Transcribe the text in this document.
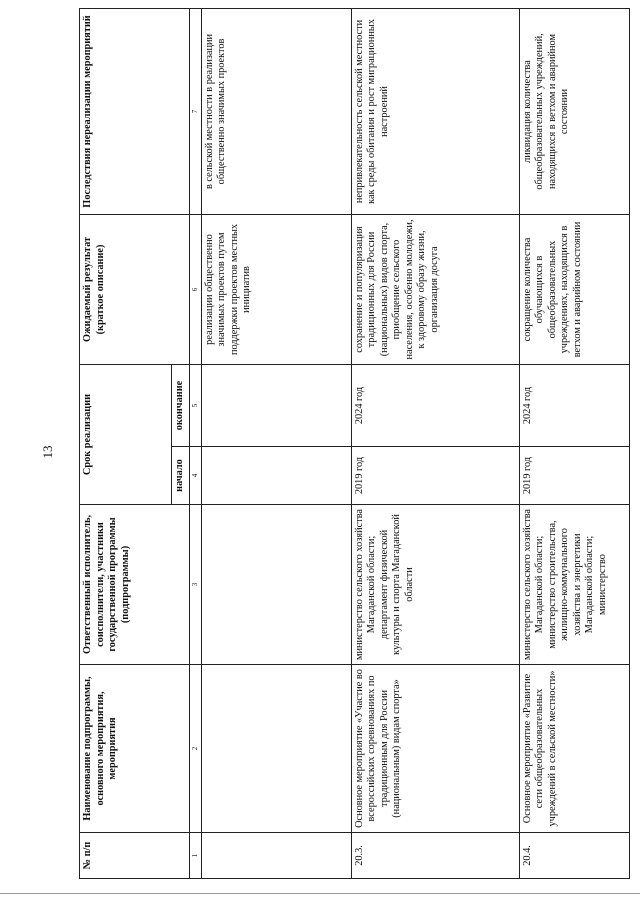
13
№ п/п	Наименование подпрограммы, основного мероприятия, мероприятия	Ответственный исполнитель, соисполнители, участники государственной программы (подпрограммы)	Срок реализации		Ожидаемый результат (краткое описание)	Последствия нереализации мероприятий
			начало	окончание		
1	2	3	4	5	6	7
					реализации общественно значимых проектов путем поддержки проектов местных инициатив	в сельской местности в реализации общественно значимых проектов
20.3.	Основное мероприятие «Участие во всероссийских соревнованиях по традиционным для России (национальным) видам спорта»	министерство сельского хозяйства Магаданской области; департамент физической культуры и спорта Магаданской области	2019 год	2024 год	сохранение и популяризация традиционных для России (национальных) видов спорта, приобщение сельского населения, особенно молодежи, к здоровому образу жизни, организация досуга	непривлекательность сельской местности как среды обитания и рост миграционных настроений
20.4.	Основное мероприятие «Развитие сети общеобразовательных учреждений в сельской местности»	министерство сельского хозяйства Магаданской области; министерство строительства, жилищно-коммунального хозяйства и энергетики Магаданской области; министерство	2019 год	2024 год	сокращение количества обучающихся в общеобразовательных учреждениях, находящихся в ветхом и аварийном состоянии	ликвидация количества общеобразовательных учреждений, находящихся в ветхом и аварийном состоянии
